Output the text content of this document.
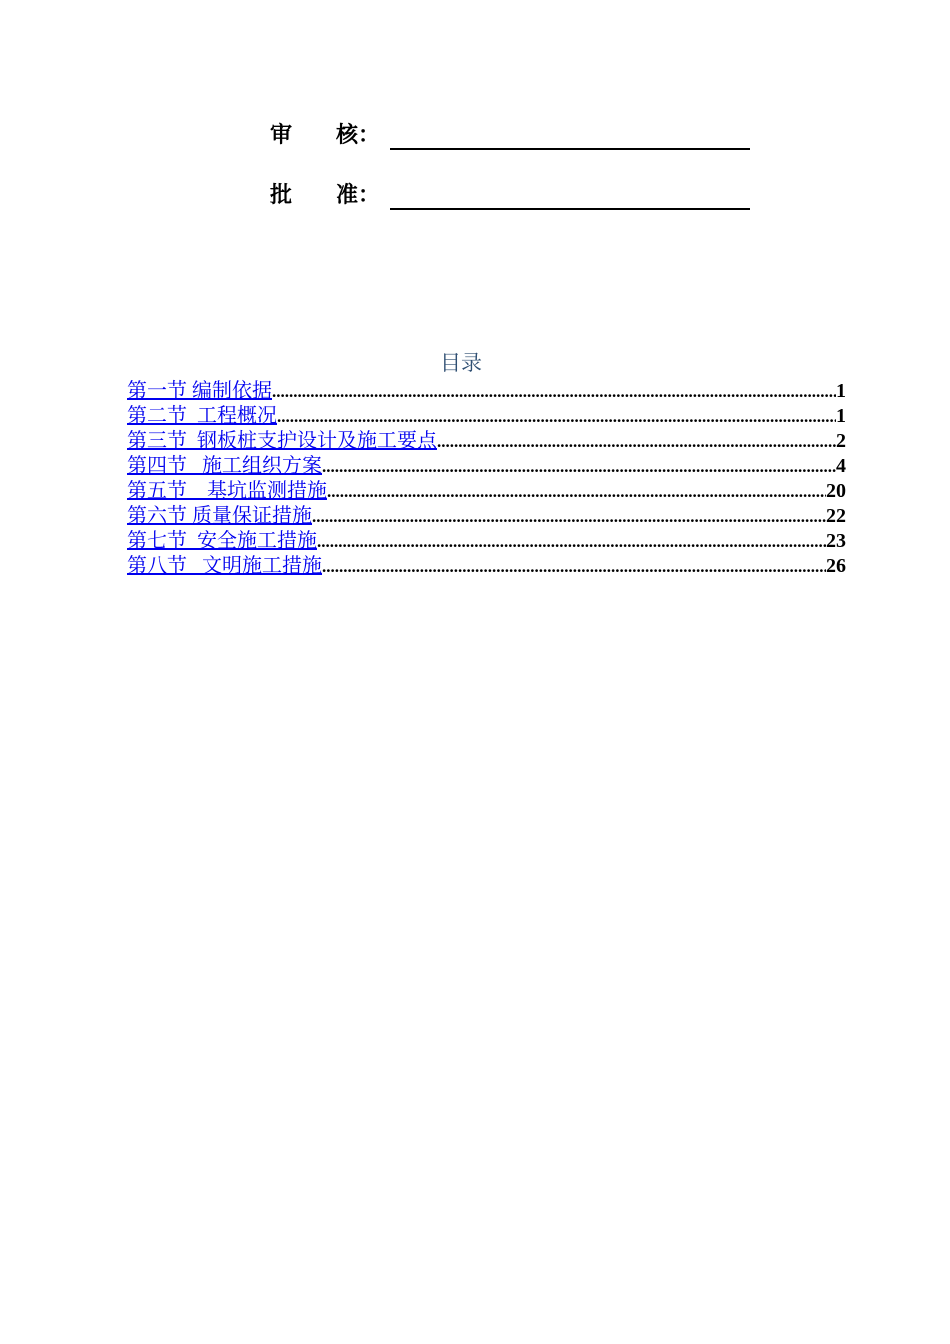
审　　核：
批　　准：
目录
第一节 编制依据 .....	1
第二节  工程概况 .....	1
第三节  钢板桩支护设计及施工要点 .....	2
第四节   施工组织方案 .....	4
第五节    基坑监测措施 .....	20
第六节 质量保证措施 .....	22
第七节  安全施工措施 .....	23
第八节   文明施工措施 .....	26
